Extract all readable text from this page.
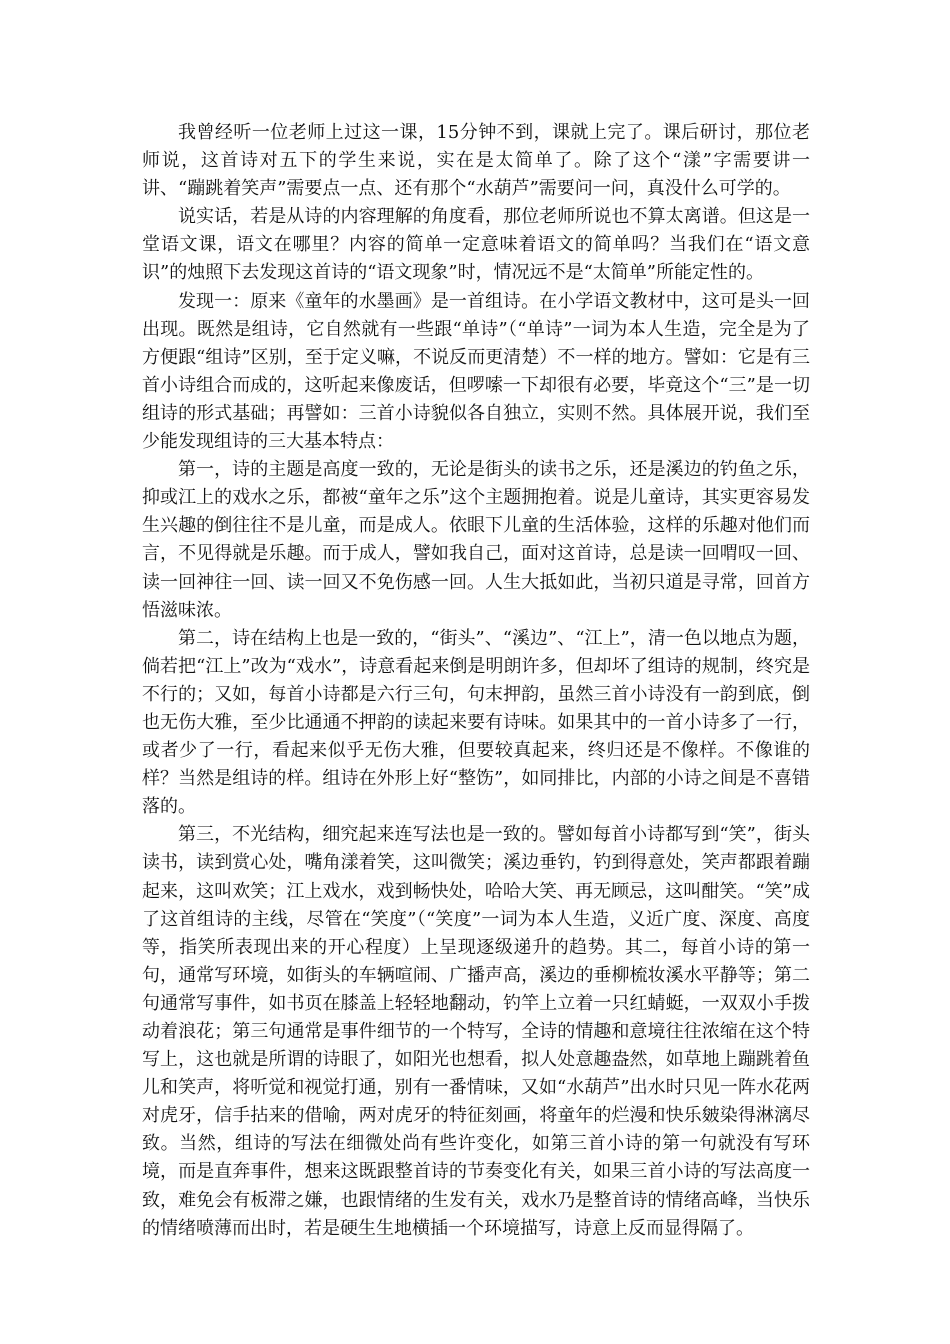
我曾经听一位老师上过这一课，15分钟不到，课就上完了。课后研讨，那位老师说，这首诗对五下的学生来说，实在是太简单了。除了这个“漾”字需要讲一讲、“蹦跳着笑声”需要点一点、还有那个“水葫芦”需要问一问，真没什么可学的。

说实话，若是从诗的内容理解的角度看，那位老师所说也不算太离谱。但这是一堂语文课，语文在哪里？内容的简单一定意味着语文的简单吗？当我们在“语文意识”的烛照下去发现这首诗的“语文现象”时，情况远不是“太简单”所能定性的。

发现一：原来《童年的水墨画》是一首组诗。在小学语文教材中，这可是头一回出现。既然是组诗，它自然就有一些跟“单诗”（“单诗”一词为本人生造，完全是为了方便跟“组诗”区别，至于定义嘛，不说反而更清楚）不一样的地方。譬如：它是有三首小诗组合而成的，这听起来像废话，但啰嗦一下却很有必要，毕竟这个“三”是一切组诗的形式基础；再譬如：三首小诗貌似各自独立，实则不然。具体展开说，我们至少能发现组诗的三大基本特点：

第一，诗的主题是高度一致的，无论是街头的读书之乐，还是溪边的钓鱼之乐，抑或江上的戏水之乐，都被“童年之乐”这个主题拥抱着。说是儿童诗，其实更容易发生兴趣的倒往往不是儿童，而是成人。依眼下儿童的生活体验，这样的乐趣对他们而言，不见得就是乐趣。而于成人，譬如我自己，面对这首诗，总是读一回喟叹一回、读一回神往一回、读一回又不免伤感一回。人生大抵如此，当初只道是寻常，回首方悟滋味浓。

第二，诗在结构上也是一致的，“街头”、“溪边”、“江上”，清一色以地点为题，倘若把“江上”改为“戏水”，诗意看起来倒是明朗许多，但却坏了组诗的规制，终究是不行的；又如，每首小诗都是六行三句，句末押韵，虽然三首小诗没有一韵到底，倒也无伤大雅，至少比通通不押韵的读起来要有诗味。如果其中的一首小诗多了一行，或者少了一行，看起来似乎无伤大雅，但要较真起来，终归还是不像样。不像谁的样？当然是组诗的样。组诗在外形上好“整饬”，如同排比，内部的小诗之间是不喜错落的。

第三，不光结构，细究起来连写法也是一致的。譬如每首小诗都写到“笑”，街头读书，读到赏心处，嘴角漾着笑，这叫微笑；溪边垂钓，钓到得意处，笑声都跟着蹦起来，这叫欢笑；江上戏水，戏到畅快处，哈哈大笑、再无顾忌，这叫酣笑。“笑”成了这首组诗的主线，尽管在“笑度”（“笑度”一词为本人生造，义近广度、深度、高度等，指笑所表现出来的开心程度）上呈现逐级递升的趋势。其二，每首小诗的第一句，通常写环境，如街头的车辆喧闹、广播声高，溪边的垂柳梳妆溪水平静等；第二句通常写事件，如书页在膝盖上轻轻地翻动，钓竿上立着一只红蜻蜓，一双双小手拨动着浪花；第三句通常是事件细节的一个特写，全诗的情趣和意境往往浓缩在这个特写上，这也就是所谓的诗眼了，如阳光也想看，拟人处意趣盎然，如草地上蹦跳着鱼儿和笑声，将听觉和视觉打通，别有一番情味，又如“水葫芦”出水时只见一阵水花两对虎牙，信手拈来的借喻，两对虎牙的特征刻画，将童年的烂漫和快乐皴染得淋漓尽致。当然，组诗的写法在细微处尚有些许变化，如第三首小诗的第一句就没有写环境，而是直奔事件，想来这既跟整首诗的节奏变化有关，如果三首小诗的写法高度一致，难免会有板滞之嫌，也跟情绪的生发有关，戏水乃是整首诗的情绪高峰，当快乐的情绪喷薄而出时，若是硬生生地横插一个环境描写，诗意上反而显得隔了。
